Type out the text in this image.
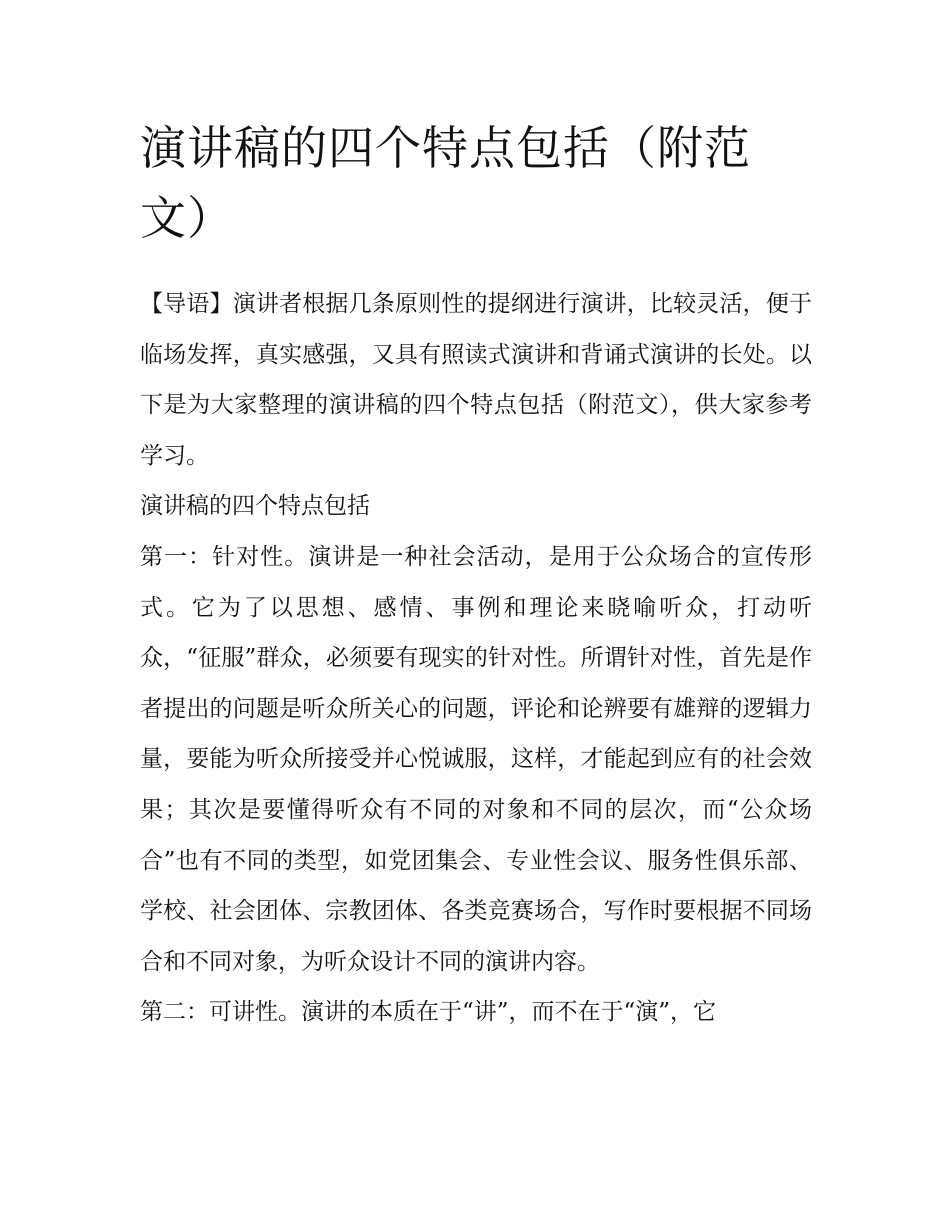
演讲稿的四个特点包括（附范文）

【导语】演讲者根据几条原则性的提纲进行演讲，比较灵活，便于临场发挥，真实感强，又具有照读式演讲和背诵式演讲的长处。以下是为大家整理的演讲稿的四个特点包括（附范文），供大家参考学习。

演讲稿的四个特点包括

第一：针对性。演讲是一种社会活动，是用于公众场合的宣传形式。它为了以思想、感情、事例和理论来晓喻听众，打动听众，“征服”群众，必须要有现实的针对性。所谓针对性，首先是作者提出的问题是听众所关心的问题，评论和论辨要有雄辩的逻辑力量，要能为听众所接受并心悦诚服，这样，才能起到应有的社会效果；其次是要懂得听众有不同的对象和不同的层次，而“公众场合”也有不同的类型，如党团集会、专业性会议、服务性俱乐部、学校、社会团体、宗教团体、各类竞赛场合，写作时要根据不同场合和不同对象，为听众设计不同的演讲内容。

第二：可讲性。演讲的本质在于“讲”，而不在于“演”，它
